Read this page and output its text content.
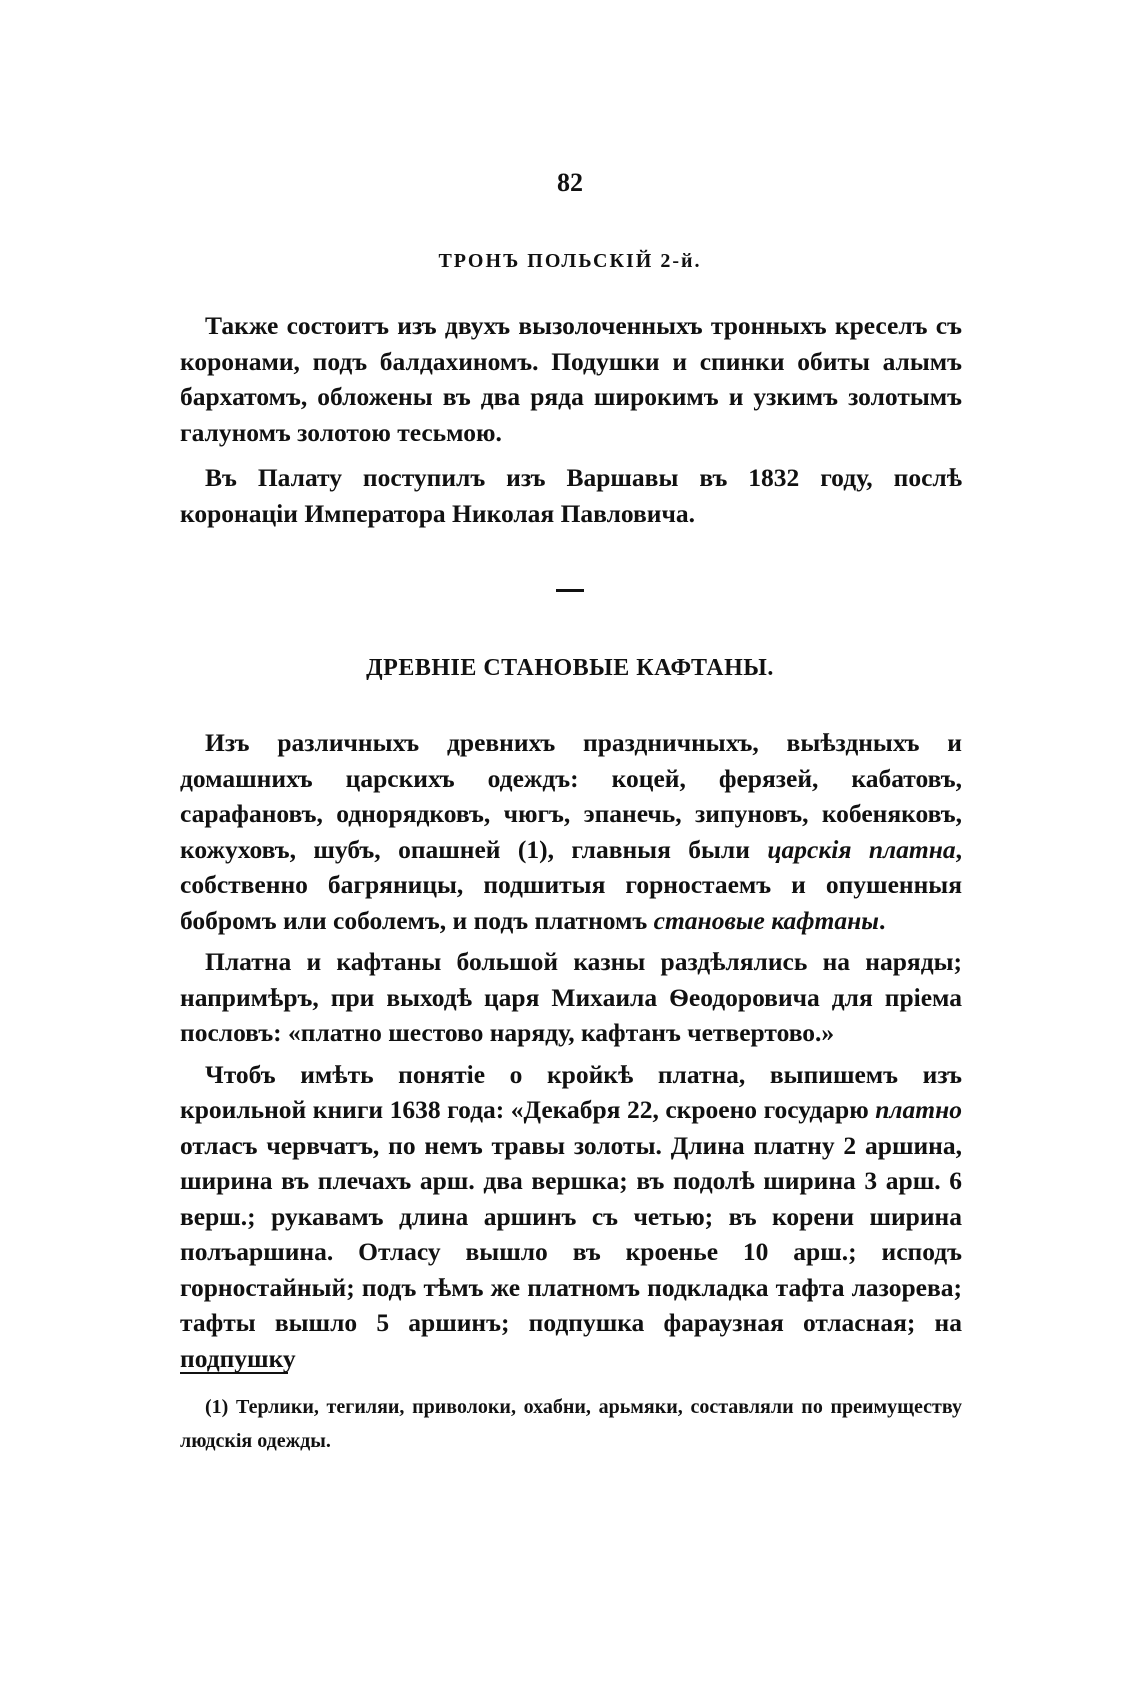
82
ТРОНЪ ПОЛЬСКІЙ 2-й.

Также состоитъ изъ двухъ вызолоченныхъ тронныхъ креселъ съ коронами, подъ балдахиномъ. Подушки и спинки обиты алымъ бархатомъ, обложены въ два ряда широкимъ и узкимъ золотымъ галуномъ золотою тесьмою.

Въ Палату поступилъ изъ Варшавы въ 1832 году, послѣ коронаціи Императора Николая Павловича.

ДРЕВНІЕ СТАНОВЫЕ КАФТАНЫ.

Изъ различныхъ древнихъ праздничныхъ, выѣздныхъ и домашнихъ царскихъ одеждъ: коцей, ферязей, кабатовъ, сарафановъ, однорядковъ, чюгъ, эпанечь, зипуновъ, кобеняковъ, кожуховъ, шубъ, опашней (1), главныя были царскія платна, собственно багряницы, подшитыя горностаемъ и опушенныя бобромъ или соболемъ, и подъ платномъ становые кафтаны.

Платна и кафтаны большой казны раздѣлялись на наряды; напримѣръ, при выходѣ царя Михаила Ѳеодоровича для пріема пословъ: «платно шестово наряду, кафтанъ четвертово.»

Чтобъ имѣть понятіе о кройкѣ платна, выпишемъ изъ кроильной книги 1638 года: «Декабря 22, скроено государю платно отласъ червчатъ, по немъ травы золоты. Длина платну 2 аршина, ширина въ плечахъ арш. два вершка; въ подолѣ ширина 3 арш. 6 верш.; рукавамъ длина аршинъ съ четью; въ корени ширина полъаршина. Отласу вышло въ кроенье 10 арш.; исподъ горностайный; подъ тѣмъ же платномъ подкладка тафта лазорева; тафты вышло 5 аршинъ; подпушка фараузная отласная; на подпушку

(1) Терлики, тегиляи, приволоки, охабни, арьмяки, составляли по преимуществу людскія одежды.
